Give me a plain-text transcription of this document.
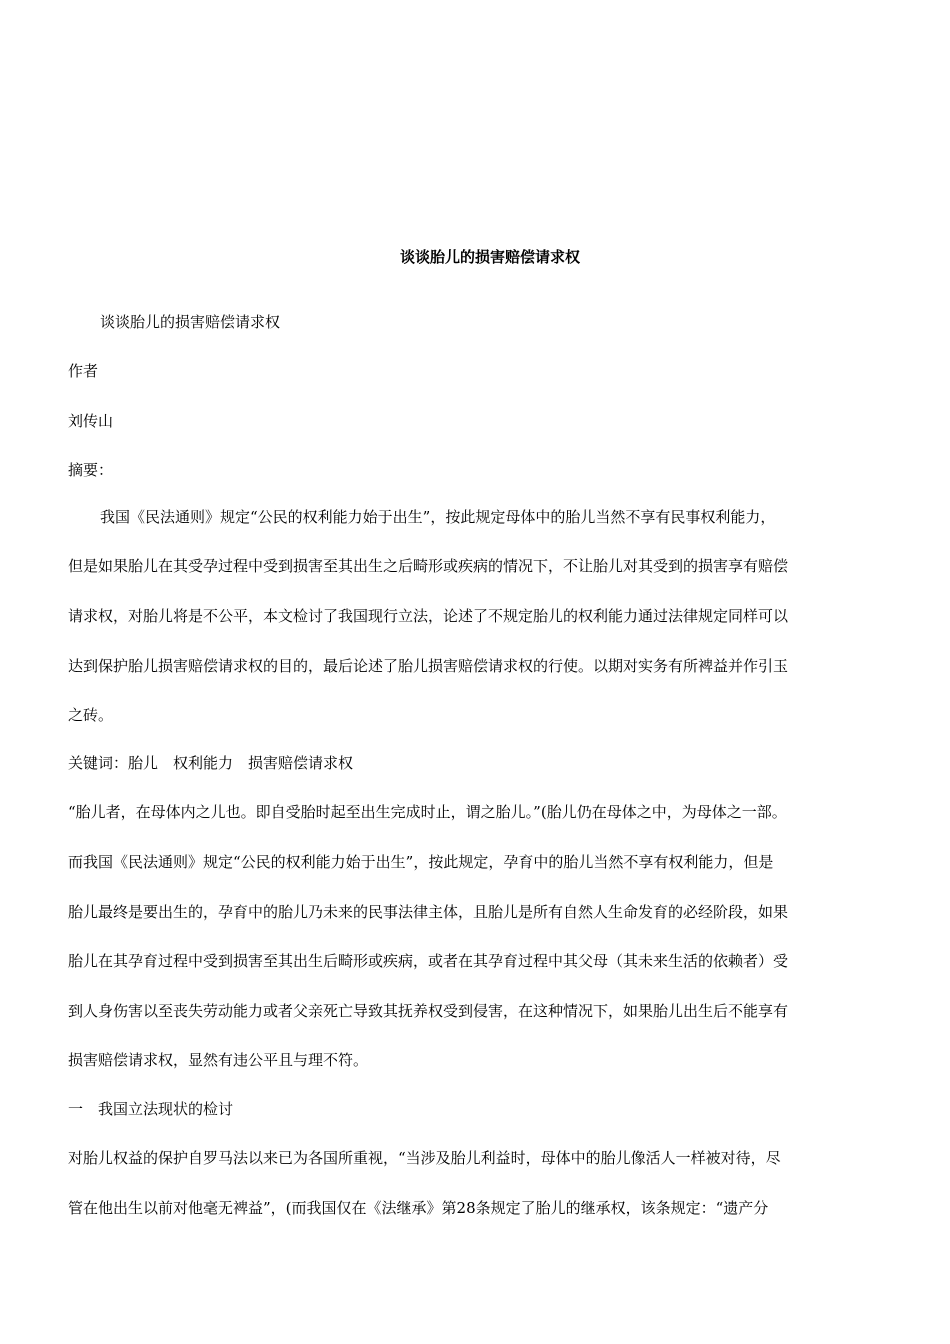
谈谈胎儿的损害赔偿请求权
谈谈胎儿的损害赔偿请求权
作者
刘传山
摘要：
我国《民法通则》规定“公民的权利能力始于出生”，按此规定母体中的胎儿当然不享有民事权利能力，
但是如果胎儿在其受孕过程中受到损害至其出生之后畸形或疾病的情况下，不让胎儿对其受到的损害享有赔偿
请求权，对胎儿将是不公平，本文检讨了我国现行立法，论述了不规定胎儿的权利能力通过法律规定同样可以
达到保护胎儿损害赔偿请求权的目的，最后论述了胎儿损害赔偿请求权的行使。以期对实务有所裨益并作引玉
之砖。
关键词：胎儿　权利能力　损害赔偿请求权
“胎儿者，在母体内之儿也。即自受胎时起至出生完成时止，谓之胎儿。”(胎儿仍在母体之中，为母体之一部。
而我国《民法通则》规定“公民的权利能力始于出生”，按此规定，孕育中的胎儿当然不享有权利能力，但是
胎儿最终是要出生的，孕育中的胎儿乃未来的民事法律主体，且胎儿是所有自然人生命发育的必经阶段，如果
胎儿在其孕育过程中受到损害至其出生后畸形或疾病，或者在其孕育过程中其父母（其未来生活的依赖者）受
到人身伤害以至丧失劳动能力或者父亲死亡导致其抚养权受到侵害，在这种情况下，如果胎儿出生后不能享有
损害赔偿请求权，显然有违公平且与理不符。
一　我国立法现状的检讨
对胎儿权益的保护自罗马法以来已为各国所重视，“当涉及胎儿利益时，母体中的胎儿像活人一样被对待，尽
管在他出生以前对他毫无裨益”，(而我国仅在《法继承》第28条规定了胎儿的继承权，该条规定：“遗产分
